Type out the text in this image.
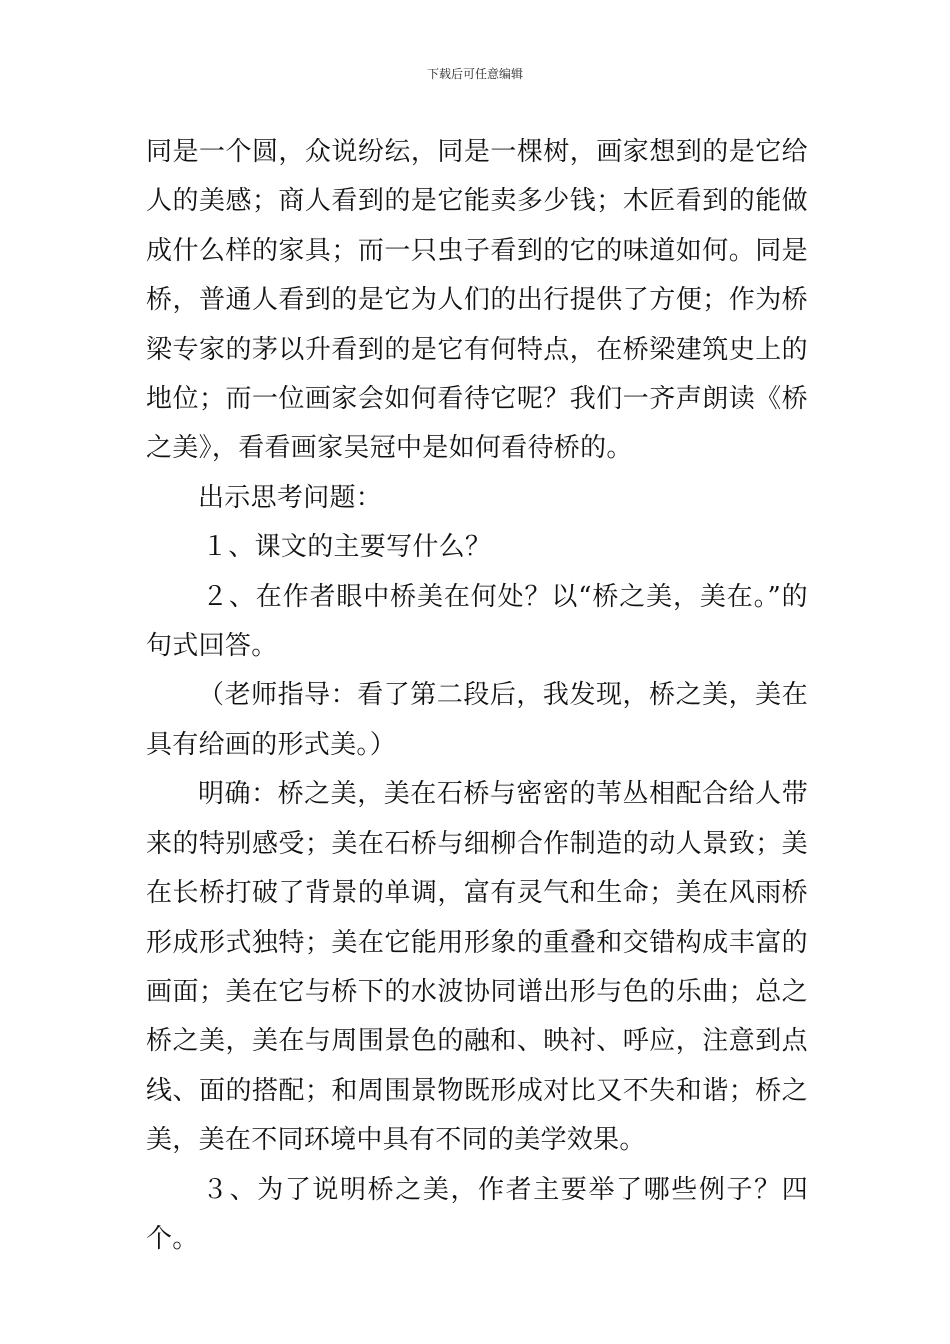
下载后可任意编辑

同是一个圆，众说纷纭，同是一棵树，画家想到的是它给人的美感；商人看到的是它能卖多少钱；木匠看到的能做成什么样的家具；而一只虫子看到的它的味道如何。同是桥，普通人看到的是它为人们的出行提供了方便；作为桥梁专家的茅以升看到的是它有何特点，在桥梁建筑史上的地位；而一位画家会如何看待它呢？我们一齐声朗读《桥之美》，看看画家吴冠中是如何看待桥的。

出示思考问题：

１、课文的主要写什么？

２、在作者眼中桥美在何处？以“桥之美，美在。”的句式回答。

（老师指导：看了第二段后，我发现，桥之美，美在具有给画的形式美。）

明确：桥之美，美在石桥与密密的苇丛相配合给人带来的特别感受；美在石桥与细柳合作制造的动人景致；美在长桥打破了背景的单调，富有灵气和生命；美在风雨桥形成形式独特；美在它能用形象的重叠和交错构成丰富的画面；美在它与桥下的水波协同谱出形与色的乐曲；总之桥之美，美在与周围景色的融和、映衬、呼应，注意到点线、面的搭配；和周围景物既形成对比又不失和谐；桥之美，美在不同环境中具有不同的美学效果。

３、为了说明桥之美，作者主要举了哪些例子？四个。
